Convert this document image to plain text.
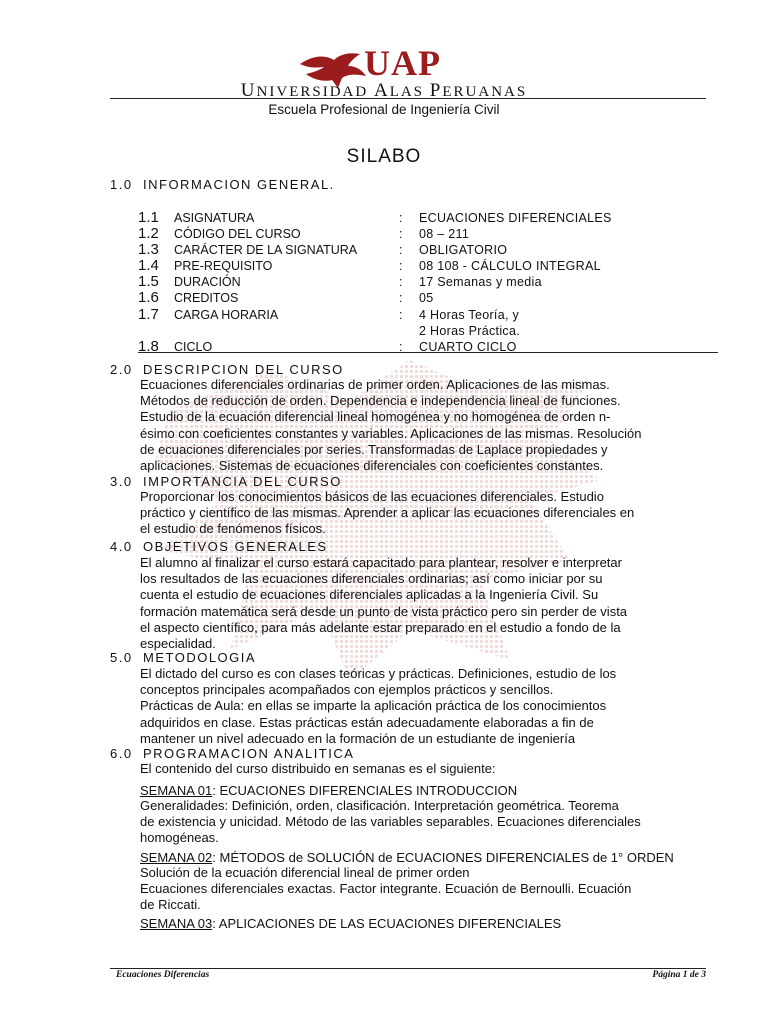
UAP
UNIVERSIDAD ALAS PERUANAS
Escuela Profesional de Ingeniería Civil
SILABO
1.0 INFORMACION GENERAL.
1.1 ASIGNATURA	: ECUACIONES DIFERENCIALES
1.2 CÓDIGO DEL CURSO	: 08 – 211
1.3 CARÁCTER DE LA SIGNATURA	: OBLIGATORIO
1.4 PRE-REQUISITO	: 08 108 - CÁLCULO INTEGRAL
1.5 DURACIÓN	: 17 Semanas y media
1.6 CREDITOS	: 05
1.7 CARGA HORARIA	: 4 Horas Teoría, y
2 Horas Práctica.
1.8 CICLO	: CUARTO CICLO
2.0 DESCRIPCION DEL CURSO
Ecuaciones diferenciales ordinarias de primer orden. Aplicaciones de las mismas.
Métodos de reducción de orden. Dependencia e independencia lineal de funciones.
Estudio de la ecuación diferencial lineal homogénea y no homogénea de orden n-
ésimo con coeficientes constantes y variables. Aplicaciones de las mismas. Resolución
de ecuaciones diferenciales por series. Transformadas de Laplace propiedades y
aplicaciones. Sistemas de ecuaciones diferenciales con coeficientes constantes.
3.0 IMPORTANCIA DEL CURSO
Proporcionar los conocimientos básicos de las ecuaciones diferenciales. Estudio
práctico y científico de las mismas. Aprender a aplicar las ecuaciones diferenciales en
el estudio de fenómenos físicos.
4.0 OBJETIVOS GENERALES
El alumno al finalizar el curso estará capacitado para plantear, resolver e interpretar
los resultados de las ecuaciones diferenciales ordinarias; así como iniciar por su
cuenta el estudio de ecuaciones diferenciales aplicadas a la Ingeniería Civil. Su
formación matemática será desde un punto de vista práctico pero sin perder de vista
el aspecto científico, para más adelante estar preparado en el estudio a fondo de la
especialidad.
5.0 METODOLOGIA
El dictado del curso es con clases teóricas y prácticas. Definiciones, estudio de los
conceptos principales acompañados con ejemplos prácticos y sencillos.
Prácticas de Aula: en ellas se imparte la aplicación práctica de los conocimientos
adquiridos en clase. Estas prácticas están adecuadamente elaboradas a fin de
mantener un nivel adecuado en la formación de un estudiante de ingeniería
6.0 PROGRAMACION ANALITICA
El contenido del curso distribuido en semanas es el siguiente:
SEMANA 01: ECUACIONES DIFERENCIALES INTRODUCCION
Generalidades: Definición, orden, clasificación. Interpretación geométrica. Teorema
de existencia y unicidad. Método de las variables separables. Ecuaciones diferenciales
homogéneas.
SEMANA 02: MÉTODOS de SOLUCIÓN de ECUACIONES DIFERENCIALES de 1° ORDEN
Solución de la ecuación diferencial lineal de primer orden
Ecuaciones diferenciales exactas. Factor integrante. Ecuación de Bernoulli. Ecuación
de Riccati.
SEMANA 03: APLICACIONES DE LAS ECUACIONES DIFERENCIALES
Ecuaciones Diferencias	Página 1 de 3
